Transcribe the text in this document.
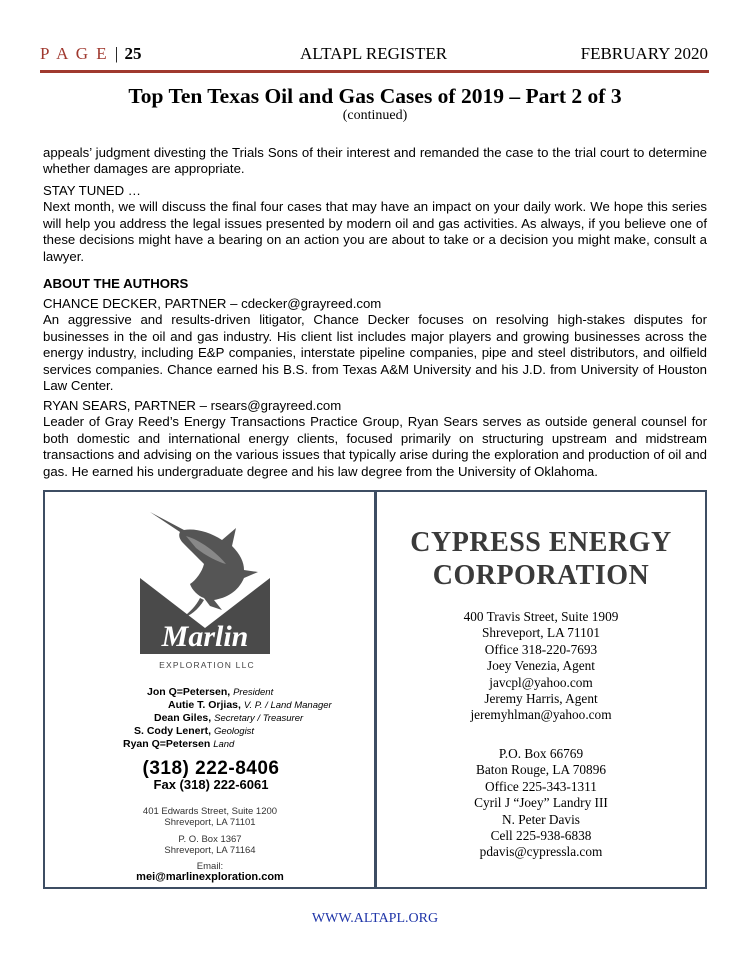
P A G E | 25	ALTAPL REGISTER	FEBRUARY 2020
Top Ten Texas Oil and Gas Cases of 2019 – Part 2 of 3
(continued)

appeals’ judgment divesting the Trials Sons of their interest and remanded the case to the trial court to determine whether damages are appropriate.

STAY TUNED …

Next month, we will discuss the final four cases that may have an impact on your daily work. We hope this series will help you address the legal issues presented by modern oil and gas activities. As always, if you believe one of these decisions might have a bearing on an action you are about to take or a decision you might make, consult a lawyer.

ABOUT THE AUTHORS

CHANCE DECKER, PARTNER – cdecker@grayreed.com

An aggressive and results-driven litigator, Chance Decker focuses on resolving high-stakes disputes for businesses in the oil and gas industry. His client list includes major players and growing businesses across the energy industry, including E&P companies, interstate pipeline companies, pipe and steel distributors, and oilfield services companies. Chance earned his B.S. from Texas A&M University and his J.D. from University of Houston Law Center.

RYAN SEARS, PARTNER – rsears@grayreed.com

Leader of Gray Reed’s Energy Transactions Practice Group, Ryan Sears serves as outside general counsel for both domestic and international energy clients, focused primarily on structuring upstream and midstream transactions and advising on the various issues that typically arise during the exploration and production of oil and gas. He earned his undergraduate degree and his law degree from the University of Oklahoma.

Marlin
EXPLORATION LLC
Jon Q=Petersen, President
Autie T. Orjias, V. P. / Land Manager
Dean Giles, Secretary / Treasurer
S. Cody Lenert, Geologist
Ryan Q=Petersen Land
(318) 222-8406
Fax (318) 222-6061
401 Edwards Street, Suite 1200
Shreveport, LA 71101
P. O. Box 1367
Shreveport, LA 71164
Email:
mei@marlinexploration.com
CYPRESS ENERGY
CORPORATION
400 Travis Street, Suite 1909
Shreveport, LA 71101
Office 318-220-7693
Joey Venezia, Agent
javcpl@yahoo.com
Jeremy Harris, Agent
jeremyhlman@yahoo.com
P.O. Box 66769
Baton Rouge, LA 70896
Office 225-343-1311
Cyril J “Joey” Landry III
N. Peter Davis
Cell 225-938-6838
pdavis@cypressla.com
WWW.ALTAPL.ORG
